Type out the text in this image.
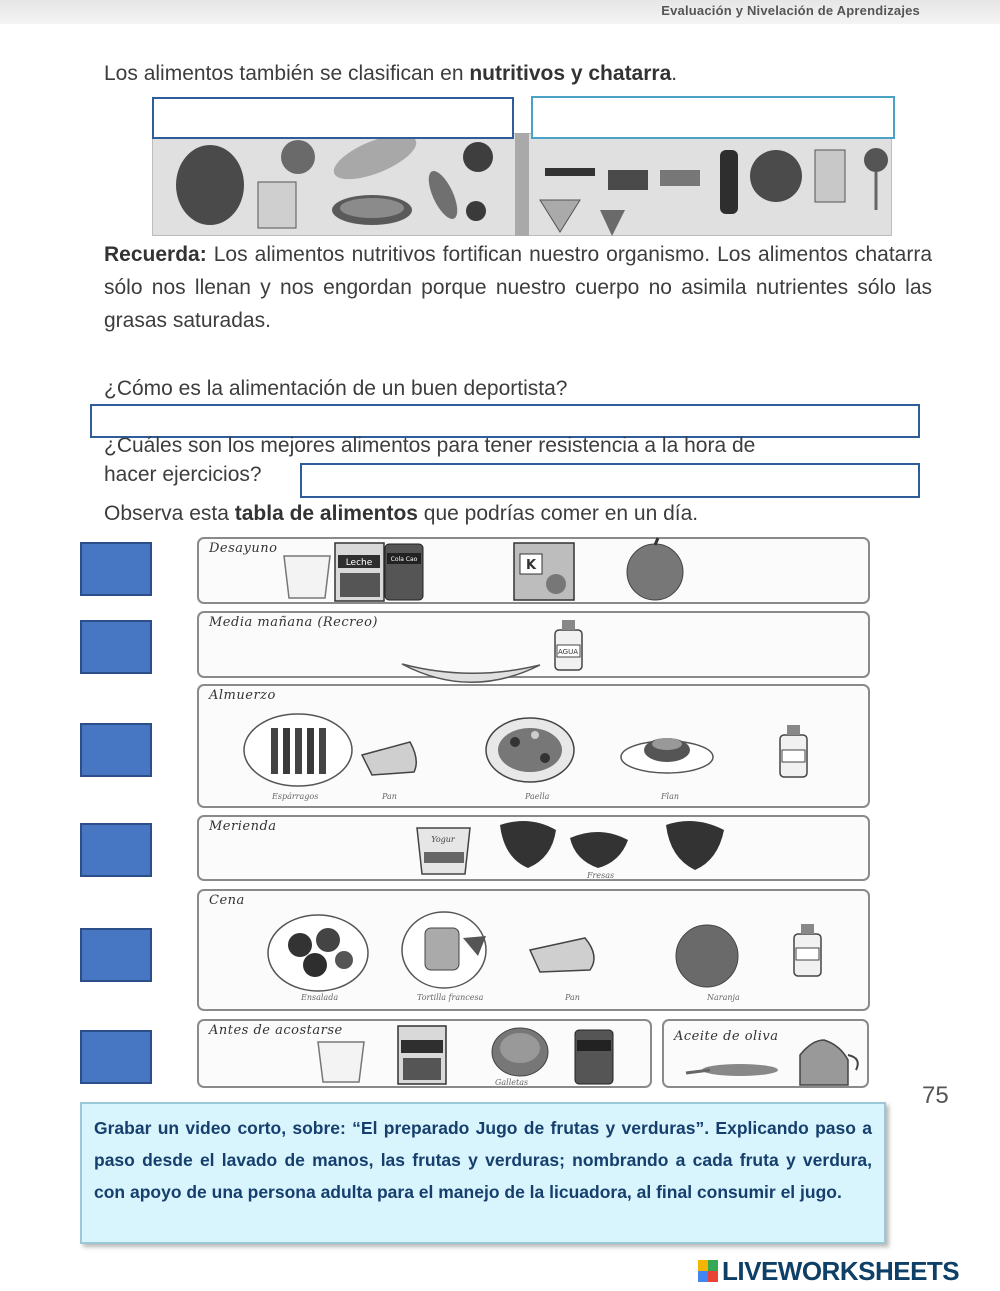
Evaluación y Nivelación de Aprendizajes
Los alimentos también se clasifican en nutritivos y chatarra.
Recuerda: Los alimentos nutritivos fortifican nuestro organismo. Los alimentos chatarra sólo nos llenan y nos engordan porque nuestro cuerpo no asimila nutrientes sólo las grasas saturadas.
¿Cómo es la alimentación de un buen deportista?
¿Cuáles son los mejores alimentos para tener resistencia a la hora de
hacer ejercicios?
Observa esta tabla de alimentos que podrías comer en un día.
Desayuno
Media mañana (Recreo)
Almuerzo
Espárragos	Pan	Paella	Flan
Merienda
Fresas
Cena
Ensalada	Tortilla francesa	Pan	Naranja
Antes de acostarse
Galletas
Aceite de oliva
Leche	Cola Cao	K
AGUA
Yogur
75
Grabar un video corto, sobre: “El preparado Jugo de frutas y verduras”. Explicando paso a paso desde el lavado de manos, las frutas y verduras; nombrando a cada fruta y verdura, con apoyo de una persona adulta para el manejo de la licuadora, al final consumir el jugo.
LIVEWORKSHEETS
